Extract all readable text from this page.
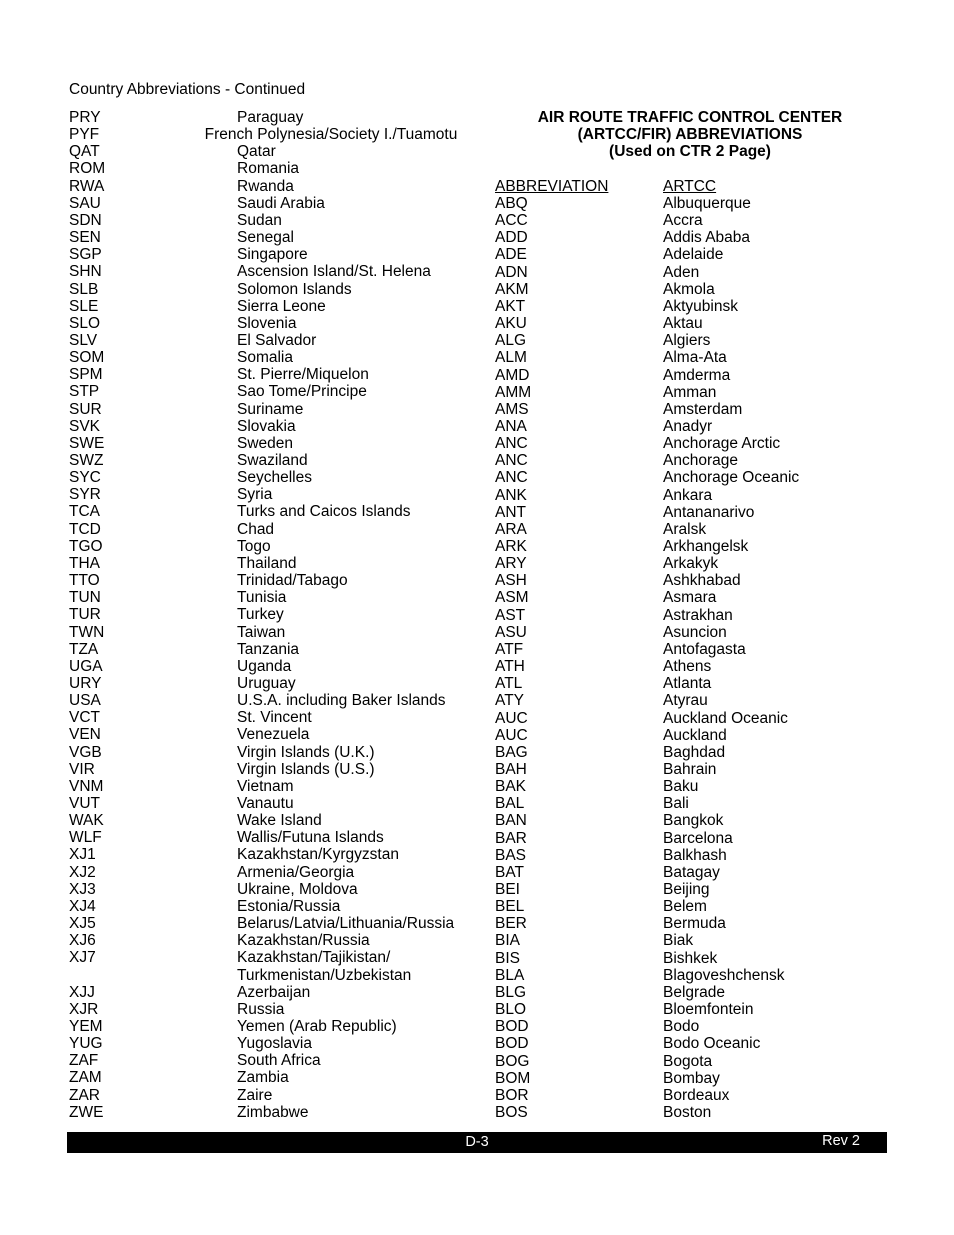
Country Abbreviations - Continued
PRY	Paraguay
PYF	French Polynesia/Society I./Tuamotu
QAT	Qatar
ROM	Romania
RWA	Rwanda
SAU	Saudi Arabia
SDN	Sudan
SEN	Senegal
SGP	Singapore
SHN	Ascension Island/St. Helena
SLB	Solomon Islands
SLE	Sierra Leone
SLO	Slovenia
SLV	El Salvador
SOM	Somalia
SPM	St. Pierre/Miquelon
STP	Sao Tome/Principe
SUR	Suriname
SVK	Slovakia
SWE	Sweden
SWZ	Swaziland
SYC	Seychelles
SYR	Syria
TCA	Turks and Caicos Islands
TCD	Chad
TGO	Togo
THA	Thailand
TTO	Trinidad/Tabago
TUN	Tunisia
TUR	Turkey
TWN	Taiwan
TZA	Tanzania
UGA	Uganda
URY	Uruguay
USA	U.S.A. including Baker Islands
VCT	St. Vincent
VEN	Venezuela
VGB	Virgin Islands (U.K.)
VIR	Virgin Islands (U.S.)
VNM	Vietnam
VUT	Vanautu
WAK	Wake Island
WLF	Wallis/Futuna Islands
XJ1	Kazakhstan/Kyrgyzstan
XJ2	Armenia/Georgia
XJ3	Ukraine, Moldova
XJ4	Estonia/Russia
XJ5	Belarus/Latvia/Lithuania/Russia
XJ6	Kazakhstan/Russia
XJ7	Kazakhstan/Tajikistan/
Turkmenistan/Uzbekistan
XJJ	Azerbaijan
XJR	Russia
YEM	Yemen (Arab Republic)
YUG	Yugoslavia
ZAF	South Africa
ZAM	Zambia
ZAR	Zaire
ZWE	Zimbabwe
AIR ROUTE TRAFFIC CONTROL CENTER
(ARTCC/FIR) ABBREVIATIONS
(Used on CTR 2 Page)
ABBREVIATION	ARTCC
ABQ	Albuquerque
ACC	Accra
ADD	Addis Ababa
ADE	Adelaide
ADN	Aden
AKM	Akmola
AKT	Aktyubinsk
AKU	Aktau
ALG	Algiers
ALM	Alma-Ata
AMD	Amderma
AMM	Amman
AMS	Amsterdam
ANA	Anadyr
ANC	Anchorage Arctic
ANC	Anchorage
ANC	Anchorage Oceanic
ANK	Ankara
ANT	Antananarivo
ARA	Aralsk
ARK	Arkhangelsk
ARY	Arkakyk
ASH	Ashkhabad
ASM	Asmara
AST	Astrakhan
ASU	Asuncion
ATF	Antofagasta
ATH	Athens
ATL	Atlanta
ATY	Atyrau
AUC	Auckland Oceanic
AUC	Auckland
BAG	Baghdad
BAH	Bahrain
BAK	Baku
BAL	Bali
BAN	Bangkok
BAR	Barcelona
BAS	Balkhash
BAT	Batagay
BEI	Beijing
BEL	Belem
BER	Bermuda
BIA	Biak
BIS	Bishkek
BLA	Blagoveshchensk
BLG	Belgrade
BLO	Bloemfontein
BOD	Bodo
BOD	Bodo Oceanic
BOG	Bogota
BOM	Bombay
BOR	Bordeaux
BOS	Boston
D-3	Rev 2
